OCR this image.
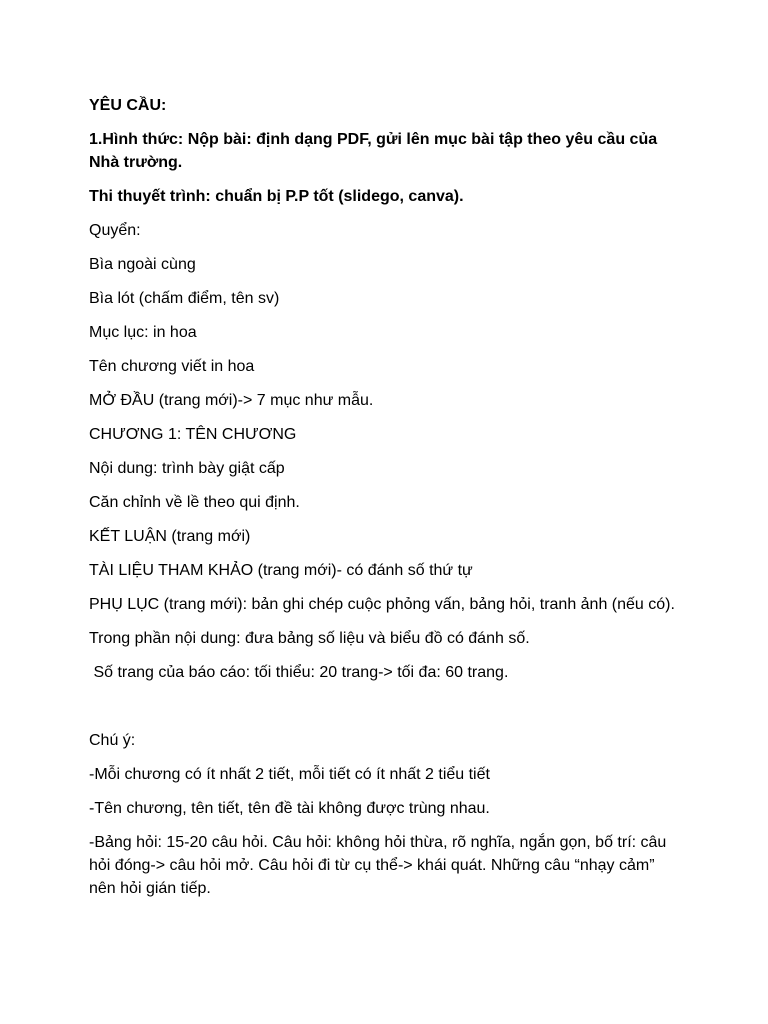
YÊU CẦU:

1.Hình thức: Nộp bài: định dạng PDF, gửi lên mục bài tập theo yêu cầu của Nhà trường.

Thi thuyết trình: chuẩn bị P.P tốt (slidego, canva).

Quyển:

Bìa ngoài cùng

Bìa lót (chấm điểm, tên sv)

Mục lục: in hoa

Tên chương viết in hoa

MỞ ĐẦU (trang mới)-> 7 mục như mẫu.

CHƯƠNG 1: TÊN CHƯƠNG

Nội dung: trình bày giật cấp

Căn chỉnh về lề theo qui định.

KẾT LUẬN (trang mới)

TÀI LIỆU THAM KHẢO (trang mới)- có đánh số thứ tự

PHỤ LỤC (trang mới): bản ghi chép cuộc phỏng vấn, bảng hỏi, tranh ảnh (nếu có).

Trong phần nội dung: đưa bảng số liệu và biểu đồ có đánh số.

Số trang của báo cáo: tối thiểu: 20 trang-> tối đa: 60 trang.

Chú ý:

-Mỗi chương có ít nhất 2 tiết, mỗi tiết có ít nhất 2 tiểu tiết

-Tên chương, tên tiết, tên đề tài không được trùng nhau.

-Bảng hỏi: 15-20 câu hỏi. Câu hỏi: không hỏi thừa, rõ nghĩa, ngắn gọn, bố trí: câu hỏi đóng-> câu hỏi mở. Câu hỏi đi từ cụ thể-> khái quát. Những câu “nhạy cảm” nên hỏi gián tiếp.
